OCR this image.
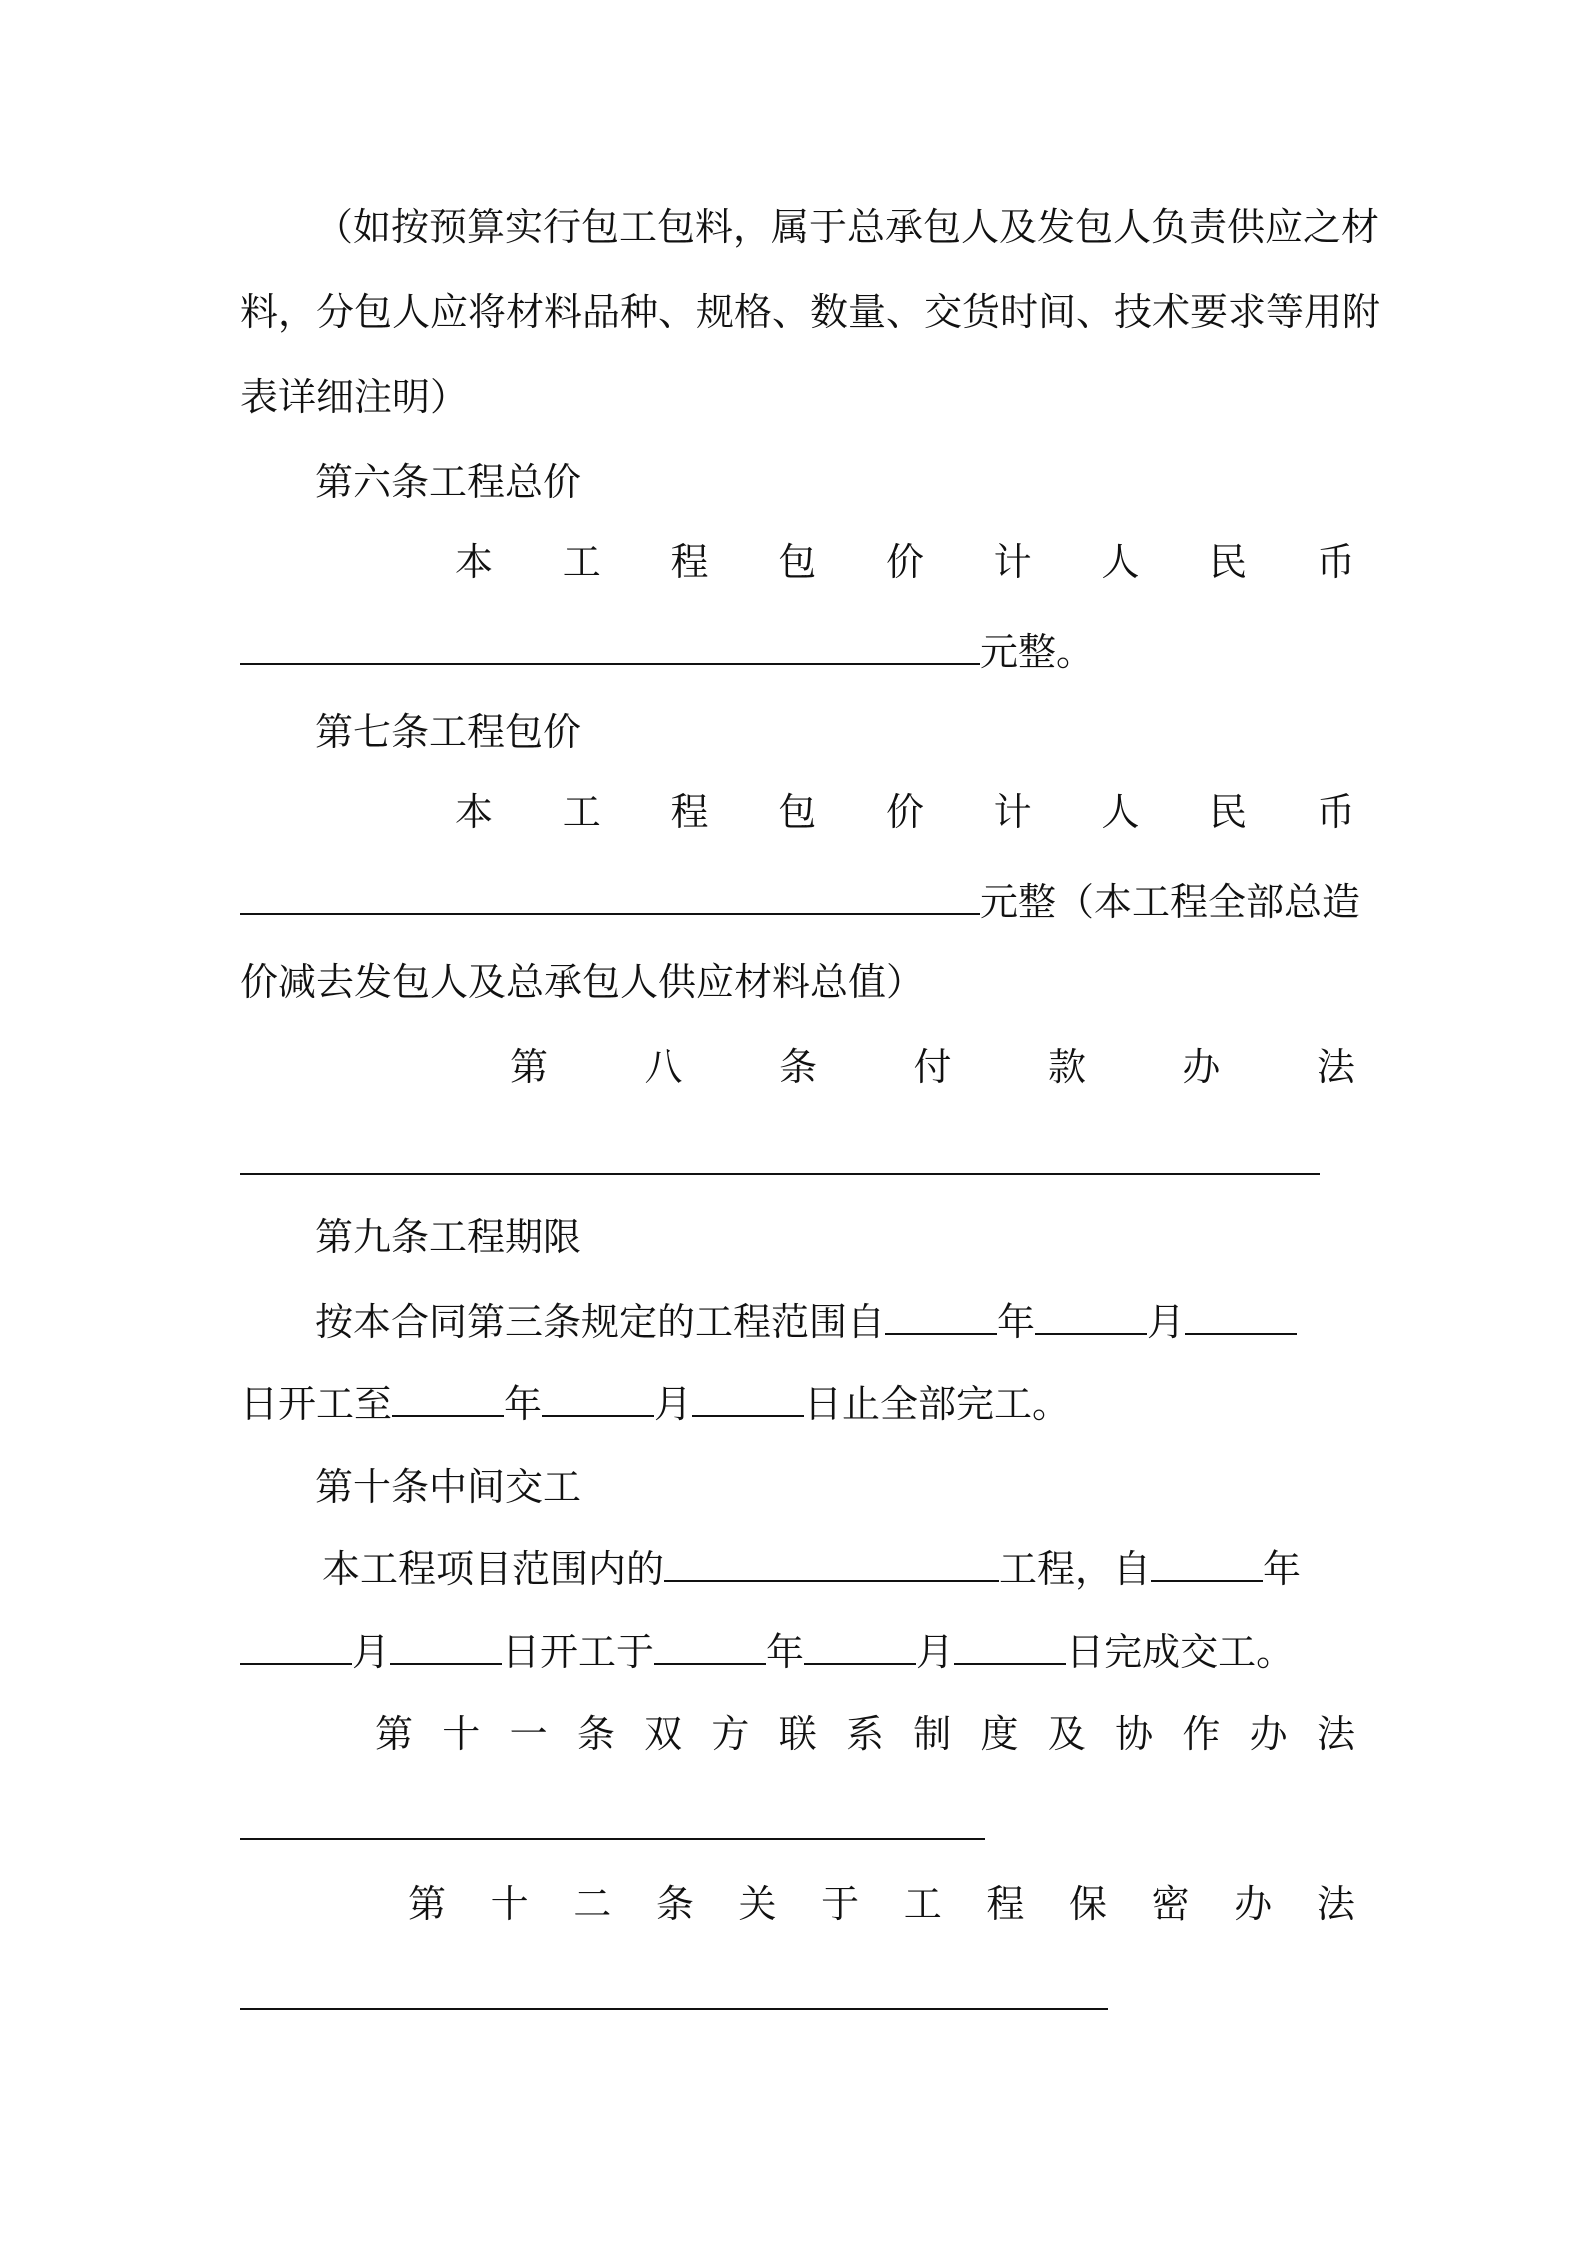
（如按预算实行包工包料，属于总承包人及发包人负责供应之材
料，分包人应将材料品种、规格、数量、交货时间、技术要求等用附
表详细注明）
第六条工程总价
本 工 程 包 价 计 人 民 币
元整。
第七条工程包价
本 工 程 包 价 计 人 民 币
元整（本工程全部总造
价减去发包人及总承包人供应材料总值）
第	八	条	付	款	办	法
第九条工程期限
按本合同第三条规定的工程范围自	年	月
日开工至	年	月	日止全部完工。
第十条中间交工
本工程项目范围内的	工程，自	年
月	日开工于	年	月	日完成交工。
第 十 一 条 双 方 联 系 制 度 及 协 作 办 法
第 十 二 条 关 于 工 程 保 密 办 法
